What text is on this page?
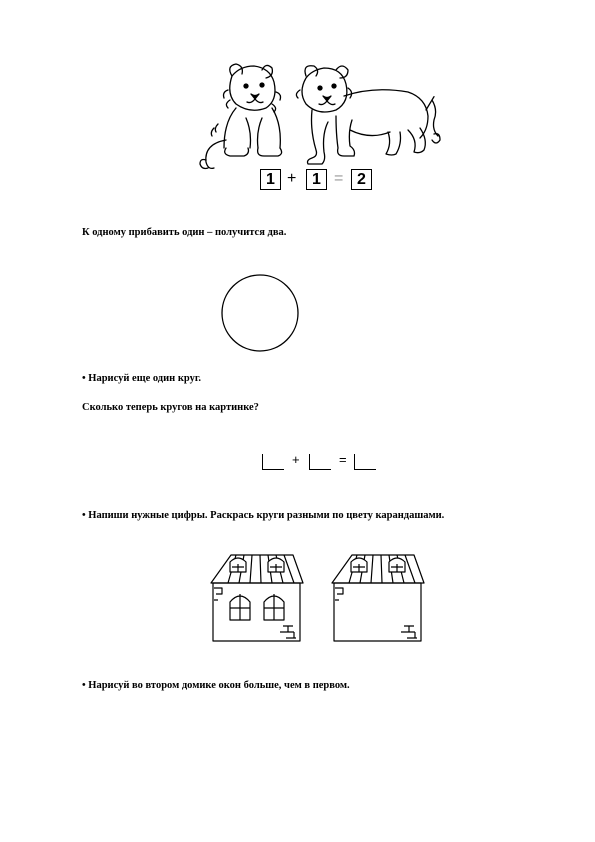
1 + 1 = 2
К одному прибавить один – получится два.
• Нарисуй еще один круг.
Сколько теперь кругов на картинке?
+	=
• Напиши нужные цифры. Раскрась круги разными по цвету карандашами.
• Нарисуй во втором домике окон больше, чем в первом.
